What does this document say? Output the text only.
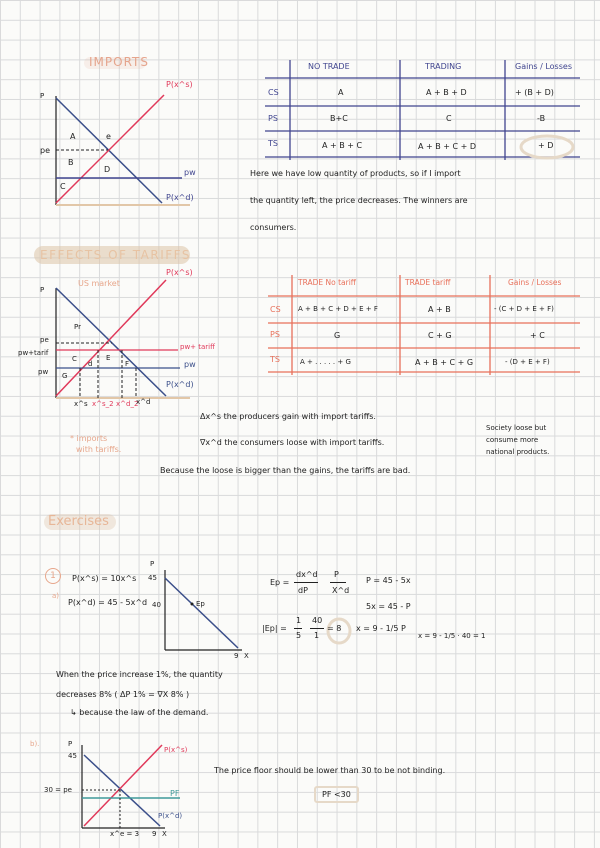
IMPORTS
P
P(x^s)
pe
A	e
B
D
C
pw
P(x^d)
NO TRADE	TRADING	Gains / Losses
CS	A	A + B + D	+ (B + D)
PS	B+C	C	-B
TS	A + B + C	A + B + C + D	+ D
Here we have low quantity of products, so if I import
the quantity left, the price decreases. The winners are
consumers.
EFFECTS OF TARIFFS
P
US market
P(x^s)
Pr
pe
pw+tarif
pw
C
d
E
F
G
pw+ tariff
pw
P(x^d)
x^s x^s_2 x^d_2
x^d
* imports
with tariffs.
TRADE No tariff	TRADE tariff	Gains / Losses
CS A + B + C + D + E + F	A + B	- (C + D + E + F)
PS	G	C + G	+ C
TS	A + . . . . . + G	A + B + C + G	- (D + E + F)
Δx^s the producers gain with import tariffs.
∇x^d the consumers loose with import tariffs.
Because the loose is bigger than the gains, the tariffs are bad.
Society loose but
consume more
national products.
Exercises
1
a)
P(x^s) = 10x^s
P(x^d) = 45 - 5x^d
P
45
40	Ep
9 X
Ep =
dx^d
dP
P
X^d
|Ep| =
1
5
40
1
= 8
P = 45 - 5x
5x = 45 - P
x = 9 - 1/5 P
x = 9 - 1/5 · 40 = 1
When the price increase 1%, the quantity
decreases 8% ( ΔP 1% = ∇X 8% )
↳ because the law of the demand.
b).	P
45
30 = pe
P(x^s)
PF
P(x^d)
x^e = 3 9 X
The price floor should be lower than 30 to be not binding.
PF <30
